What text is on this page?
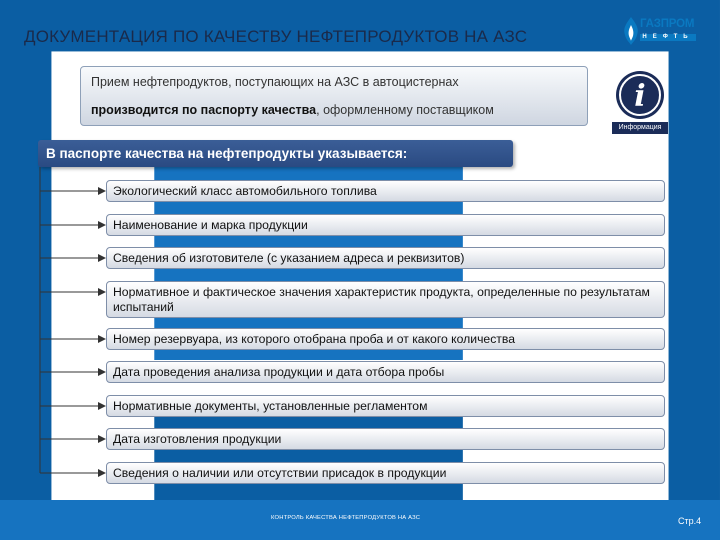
ДОКУМЕНТАЦИЯ ПО КАЧЕСТВУ НЕФТЕПРОДУКТОВ НА АЗС
ГАЗПРОМ
НЕФТЬ
Прием нефтепродуктов, поступающих на АЗС в автоцистернах
производится по паспорту качества, оформленному поставщиком	i
Информация
В паспорте качества на нефтепродукты указывается:
Экологический класс автомобильного топлива
Наименование и марка продукции
Сведения об изготовителе (с указанием адреса и реквизитов)
Нормативное и фактическое значения характеристик продукта, определенные по результатам испытаний
Номер резервуара, из которого отобрана проба и от какого количества
Дата проведения анализа продукции и дата отбора пробы
Нормативные документы, установленные регламентом
Дата изготовления продукции
Сведения о наличии или отсутствии присадок в продукции
КОНТРОЛЬ КАЧЕСТВА НЕФТЕПРОДУКТОВ НА АЗС	Стр.4
